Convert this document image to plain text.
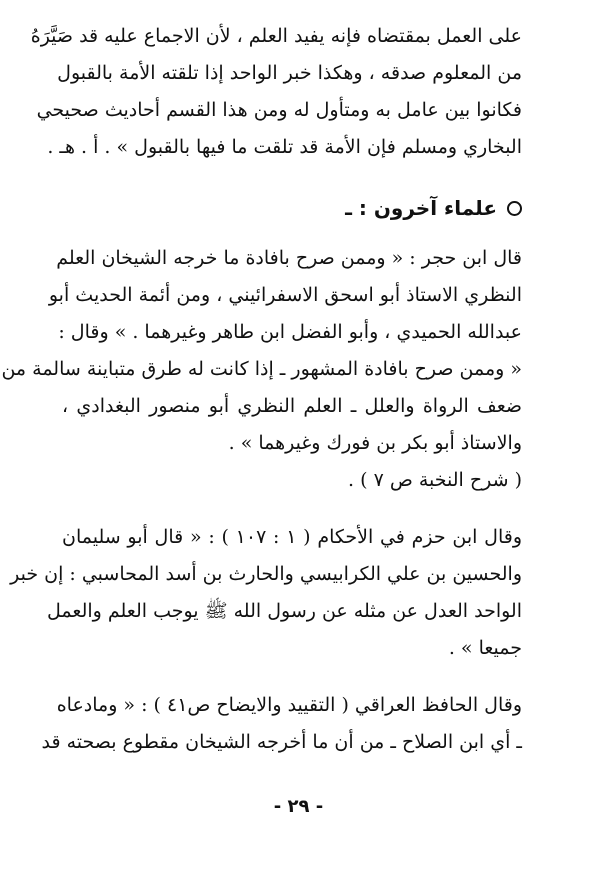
على العمل بمقتضاه فإنه يفيد العلم ، لأن الاجماع عليه قد صَيَّرَهُ
من المعلوم صدقه ، وهكذا خبر الواحد إذا تلقته الأمة بالقبول
فكانوا بين عامل به ومتأول له ومن هذا القسم أحاديث صحيحي
البخاري ومسلم فإن الأمة قد تلقت ما فيها بالقبول » . أ . هـ .
علماء آخرون : ـ
قال ابن حجر : « وممن صرح بافادة ما خرجه الشيخان العلم
النظري الاستاذ أبو اسحق الاسفرائيني ، ومن أئمة الحديث أبو
عبدالله الحميدي ، وأبو الفضل ابن طاهر وغيرهما . » وقال :
« وممن صرح بافادة المشهور ـ إذا كانت له طرق متباينة سالمة من
ضعف الرواة والعلل ـ العلم النظري أبو منصور البغدادي ،
والاستاذ أبو بكر بن فورك وغيرهما » .
( شرح النخبة ص ٧ ) .
وقال ابن حزم في الأحكام ( ١ : ١٠٧ ) : « قال أبو سليمان
والحسين بن علي الكرابيسي والحارث بن أسد المحاسبي : إن خبر
الواحد العدل عن مثله عن رسول الله ﷺ يوجب العلم والعمل
جميعا » .
وقال الحافظ العراقي ( التقييد والايضاح ص٤١ ) : « ومادعاه
ـ أي ابن الصلاح ـ من أن ما أخرجه الشيخان مقطوع بصحته قد
- ٢٩ -
